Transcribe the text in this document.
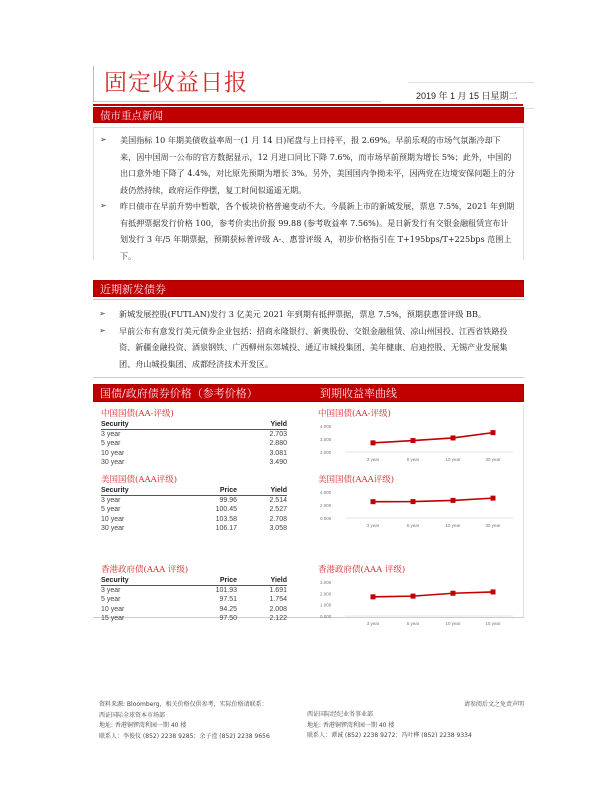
固定收益日报	2019 年 1 月 15 日星期二
债市重点新闻
➢	美国指标 10 年期美债收益率周一(1 月 14 日)尾盘与上日持平，报 2.69%。早前乐观的市场气氛渐冷却下来，因中国周一公布的官方数据显示，12 月进口同比下降 7.6%，而市场早前预期为增长 5%；此外，中国的出口意外地下降了 4.4%，对比原先预期为增长 3%。另外，美国国内争拗未平，因两党在边境安保问题上的分歧仍然持续，政府运作停摆，复工时间似遥遥无期。
➢	昨日债市在早前升势中暂歇，各个板块价格普遍变动不大。今晨新上市的新城发展，票息 7.5%，2021 年到期有抵押票据发行价格 100，参考价卖出价报 99.88 (参考收益率 7.56%)。是日新发行有交银金融租赁宣布计划发行 3 年/5 年期票据，预期获标普评级 A-、惠誉评级 A，初步价格指引在 T+195bps/T+225bps 范围上下。
近期新发债券
➢	新城发展控股(FUTLAN)发行 3 亿美元 2021 年到期有抵押票据，票息 7.5%，预期获惠誉评级 BB。
➢	早前公布有意发行美元债券企业包括：招商永隆银行、新奥股份、交银金融租赁、凉山州国投、江西省铁路投资、新疆金融投资、酒泉钢铁、广西柳州东郊城投、通辽市城投集团、美年健康、启迪控股、无锡产业发展集团、舟山城投集团、成都经济技术开发区。
国债/政府债券价格（参考价格）	到期收益率曲线
中国国债(AA-评级)
Security	Yield
3 year	2.703
5 year	2.880
10 year	3.081
30 year	3.490
美国国债(AAA评级)
Security	Price	Yield
3 year	99.96	2.514
5 year	100.45	2.527
10 year	103.58	2.708
30 year	106.17	3.058
香港政府债(AAA 评级)
Security	Price	Yield
3 year	101.93	1.691
5 year	97.51	1.754
10 year	94.25	2.008
15 year	97.50	2.122
中国国债(AA-评级)
4.000
3.000
2.000
3 year	5 year	10 year	30 year
美国国债(AAA评级)
4.000
2.000
0.000
3 year	5 year	10 year	30 year
香港政府债(AAA 评级)
3.000
2.000
1.000
0.000
3 year	5 year	10 year	15 year
资料来源: Bloomberg，相关价格仅供参考，实际价格请联系：
西证国际全球资本市场部
地址: 香港铜锣湾利园一期 40 楼
联系人：李俊仪 (852) 2238 9285；余子滢 (852) 2238 9656
西证国际经纪业务事业部
地址: 香港铜锣湾利园一期 40 楼
联系人：谭诚 (852) 2238 9272；冯叶桦 (852) 2238 9334
请参阅后文之免责声明
